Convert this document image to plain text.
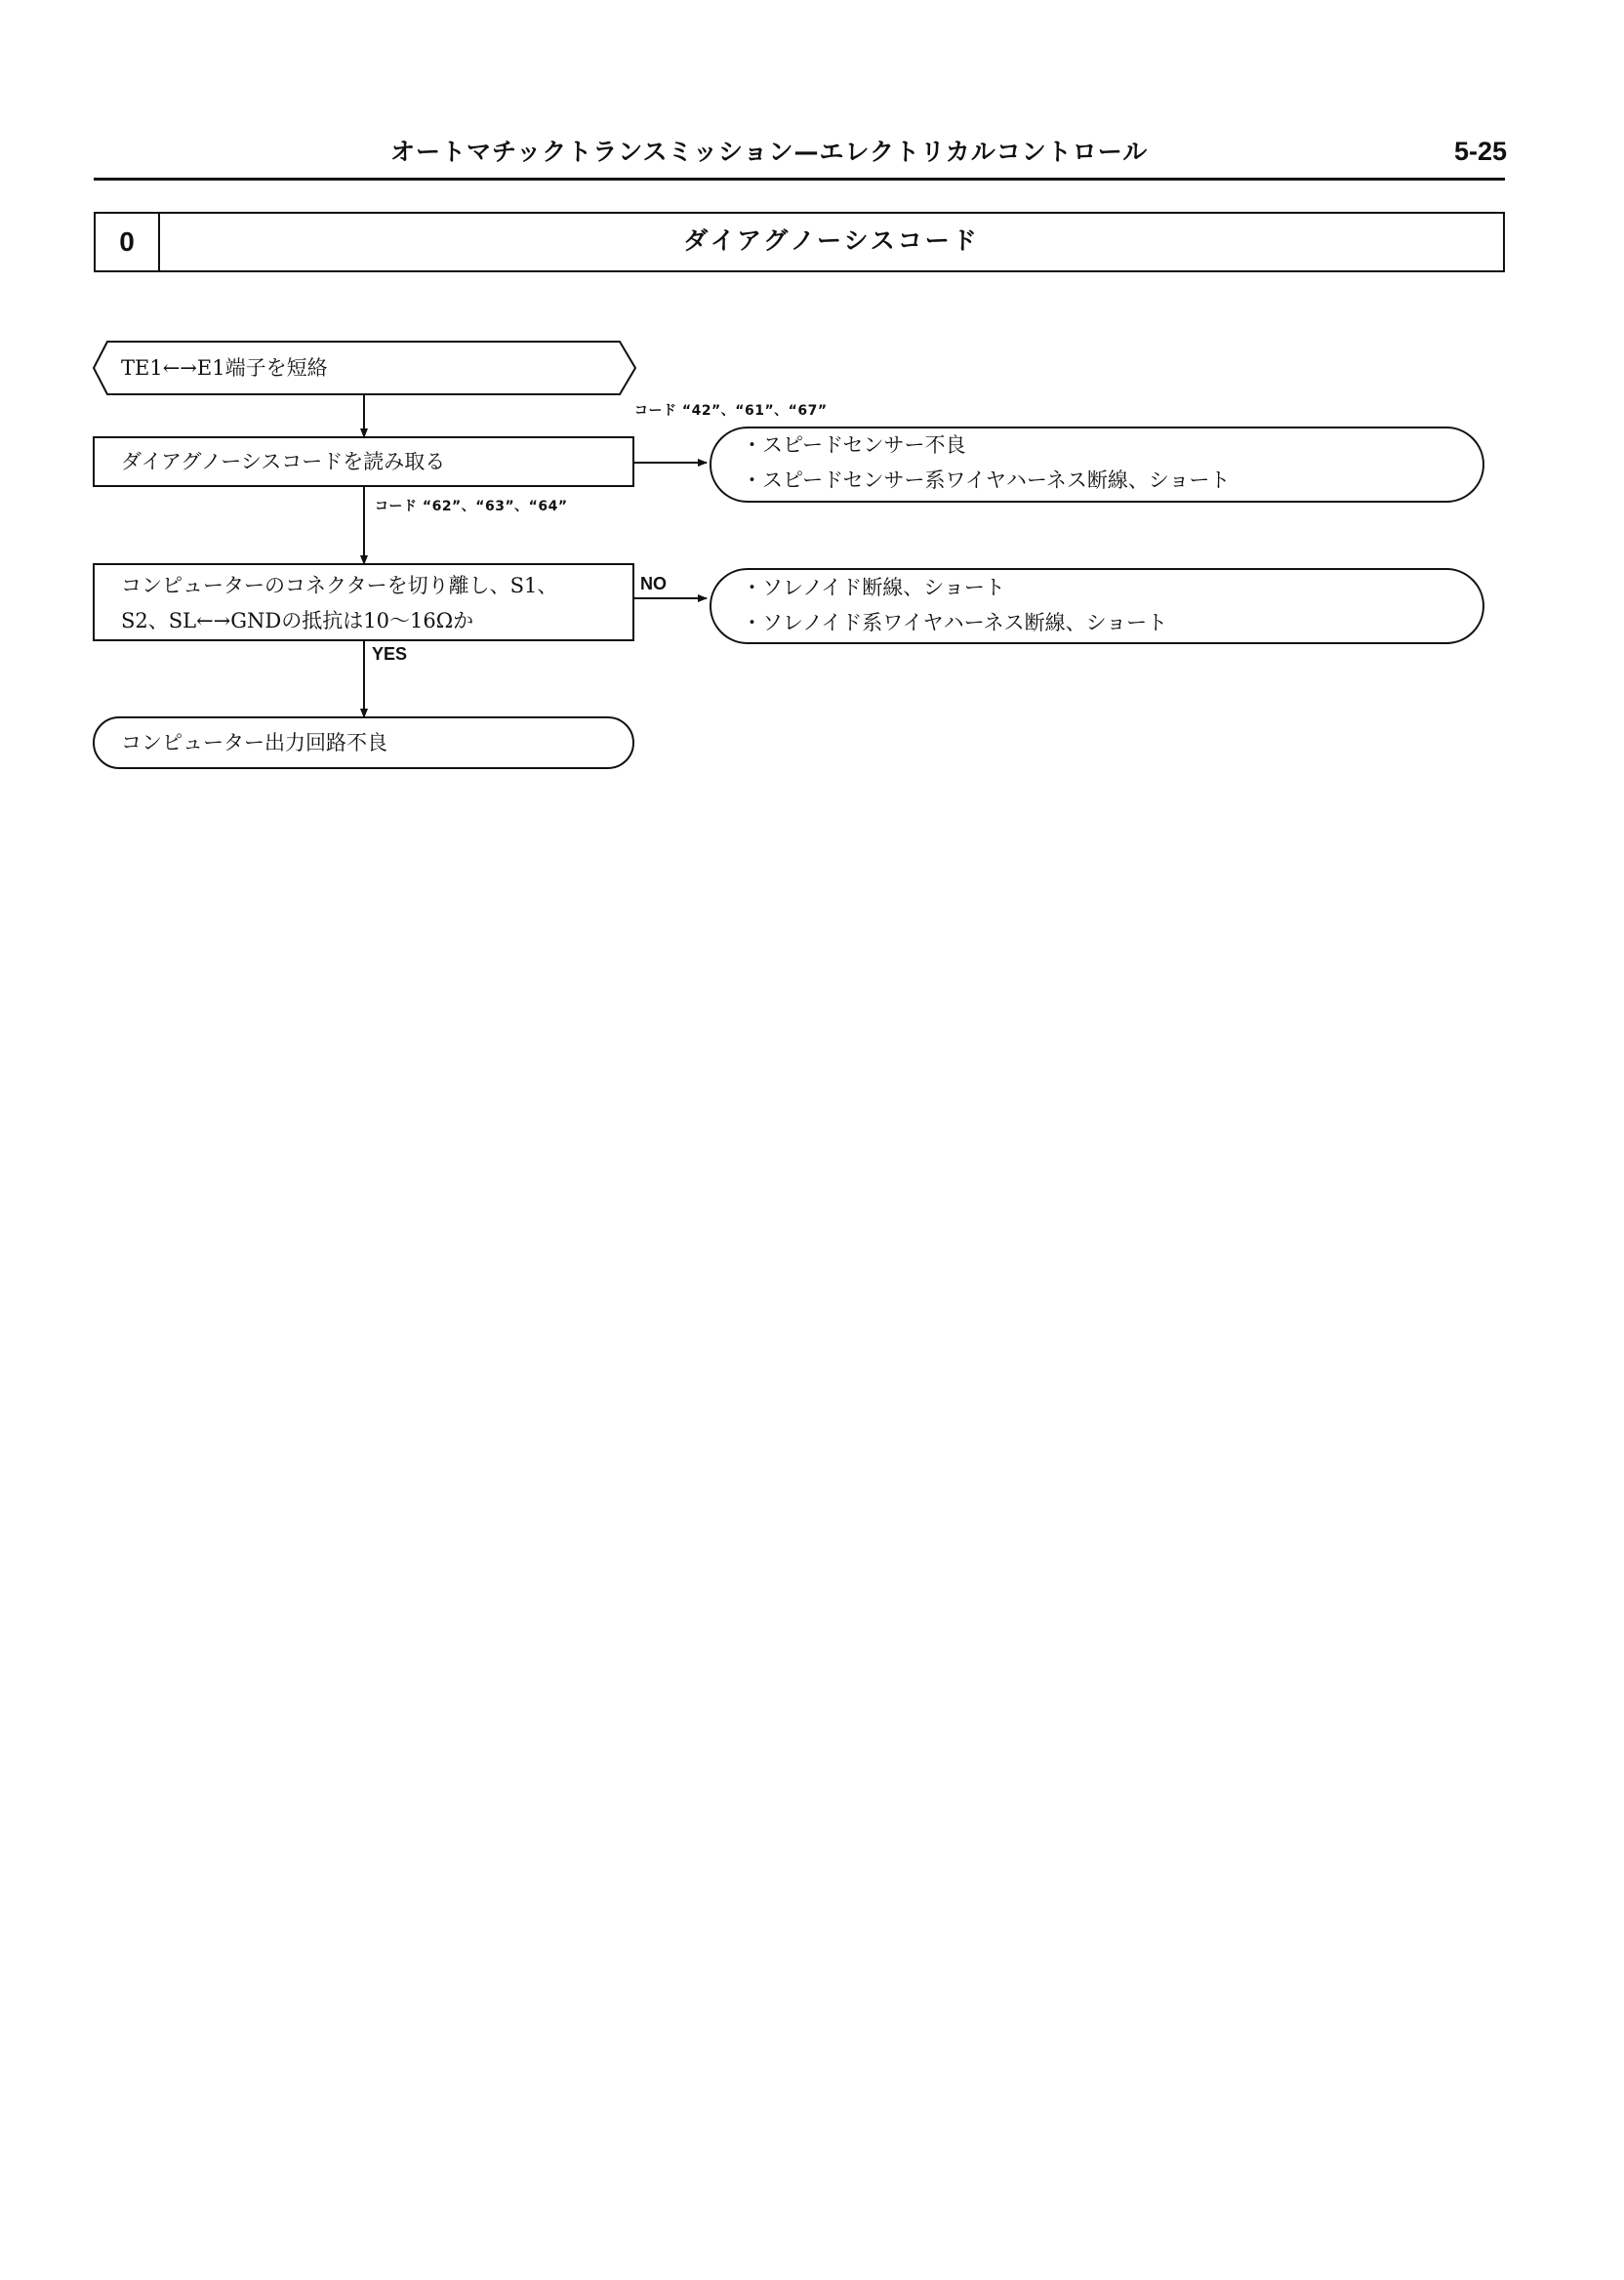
オートマチックトランスミッション—エレクトリカルコントロール	5-25
0	ダイアグノーシスコード
TE1←→E1端子を短絡
ダイアグノーシスコードを読み取る
コード “42”、“61”、“67”
・スピードセンサー不良
・スピードセンサー系ワイヤハーネス断線、ショート
コード “62”、“63”、“64”
コンピューターのコネクターを切り離し、S1、
S2、SL←→GNDの抵抗は10～16Ωか
NO	・ソレノイド断線、ショート
・ソレノイド系ワイヤハーネス断線、ショート
YES
コンピューター出力回路不良
